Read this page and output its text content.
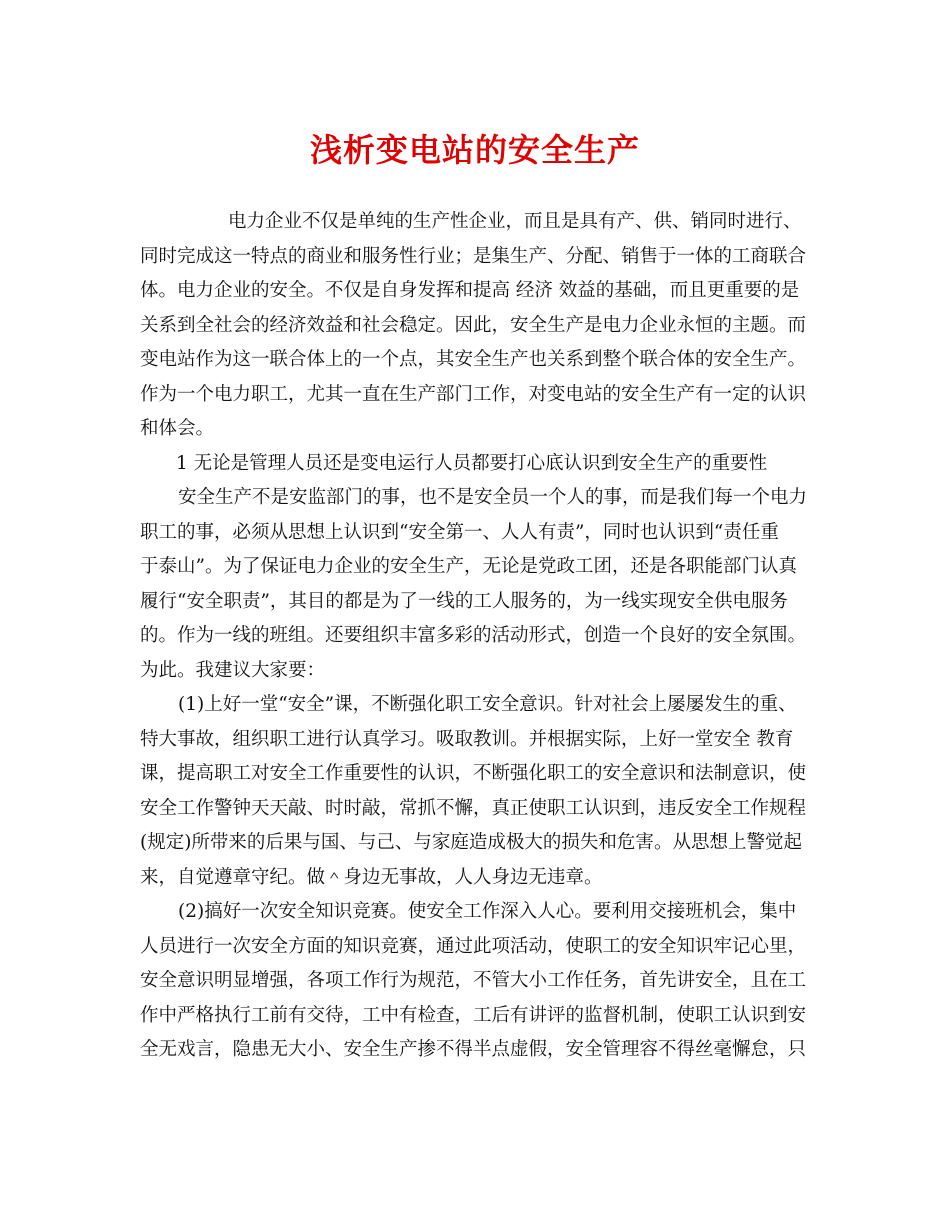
浅析变电站的安全生产
电力企业不仅是单纯的生产性企业，而且是具有产、供、销同时进行、
同时完成这一特点的商业和服务性行业；是集生产、分配、销售于一体的工商联合
体。电力企业的安全。不仅是自身发挥和提高 经济 效益的基础，而且更重要的是
关系到全社会的经济效益和社会稳定。因此，安全生产是电力企业永恒的主题。而
变电站作为这一联合体上的一个点，其安全生产也关系到整个联合体的安全生产。
作为一个电力职工，尤其一直在生产部门工作，对变电站的安全生产有一定的认识
和体会。
1 无论是管理人员还是变电运行人员都要打心底认识到安全生产的重要性
安全生产不是安监部门的事，也不是安全员一个人的事，而是我们每一个电力
职工的事，必须从思想上认识到“安全第一、人人有责”，同时也认识到“责任重
于泰山”。为了保证电力企业的安全生产，无论是党政工团，还是各职能部门认真
履行“安全职责”，其目的都是为了一线的工人服务的，为一线实现安全供电服务
的。作为一线的班组。还要组织丰富多彩的活动形式，创造一个良好的安全氛围。
为此。我建议大家要：
(1)上好一堂“安全”课，不断强化职工安全意识。针对社会上屡屡发生的重、
特大事故，组织职工进行认真学习。吸取教训。并根据实际，上好一堂安全 教育
课，提高职工对安全工作重要性的认识，不断强化职工的安全意识和法制意识，使
安全工作警钟天天敲、时时敲，常抓不懈，真正使职工认识到，违反安全工作规程
(规定)所带来的后果与国、与己、与家庭造成极大的损失和危害。从思想上警觉起
来，自觉遵章守纪。做＾身边无事故，人人身边无违章。
(2)搞好一次安全知识竞赛。使安全工作深入人心。要利用交接班机会，集中
人员进行一次安全方面的知识竞赛，通过此项活动，使职工的安全知识牢记心里，
安全意识明显增强，各项工作行为规范，不管大小工作任务，首先讲安全，且在工
作中严格执行工前有交待，工中有检查，工后有讲评的监督机制，使职工认识到安
全无戏言，隐患无大小、安全生产掺不得半点虚假，安全管理容不得丝毫懈怠，只
